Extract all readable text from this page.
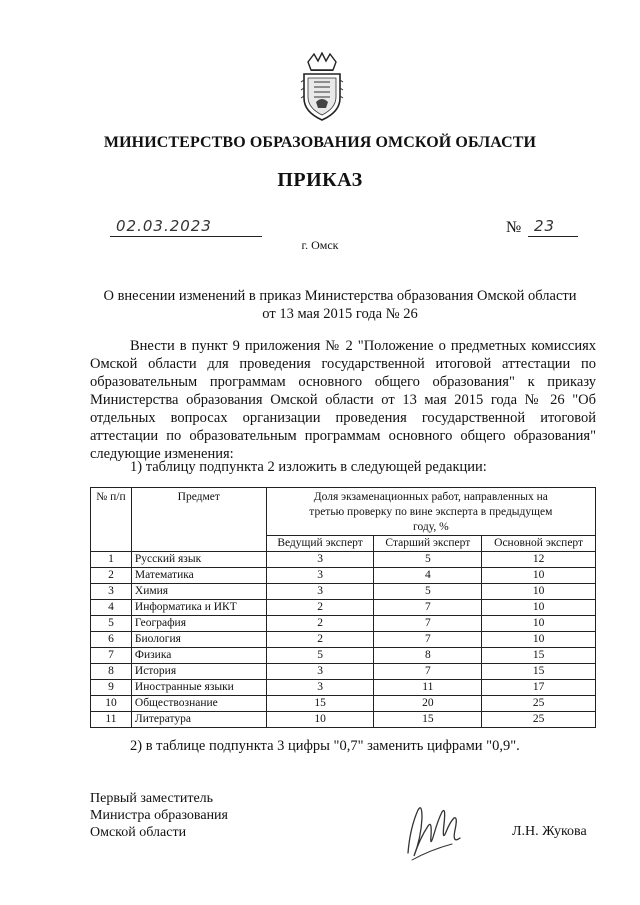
МИНИСТЕРСТВО ОБРАЗОВАНИЯ ОМСКОЙ ОБЛАСТИ
ПРИКАЗ
02.03.2023	№ 23
г. Омск
О внесении изменений в приказ Министерства образования Омской области
от 13 мая 2015 года № 26
Внести в пункт 9 приложения № 2 "Положение о предметных комиссиях Омской области для проведения государственной итоговой аттестации по образовательным программам основного общего образования" к приказу Министерства образования Омской области от 13 мая 2015 года № 26 "Об отдельных вопросах организации проведения государственной итоговой аттестации по образовательным программам основного общего образования" следующие изменения:
1) таблицу подпункта 2 изложить в следующей редакции:
№ п/п	Предмет	Доля экзаменационных работ, направленных на третью проверку по вине эксперта в предыдущем году, %		
		Ведущий эксперт	Старший эксперт	Основной эксперт
1	Русский язык	3	5	12
2	Математика	3	4	10
3	Химия	3	5	10
4	Информатика и ИКТ	2	7	10
5	География	2	7	10
6	Биология	2	7	10
7	Физика	5	8	15
8	История	3	7	15
9	Иностранные языки	3	11	17
10	Обществознание	15	20	25
11	Литература	10	15	25
2) в таблице подпункта 3 цифры "0,7" заменить цифрами "0,9".
Первый заместитель
Министра образования
Омской области	Л.Н. Жукова
